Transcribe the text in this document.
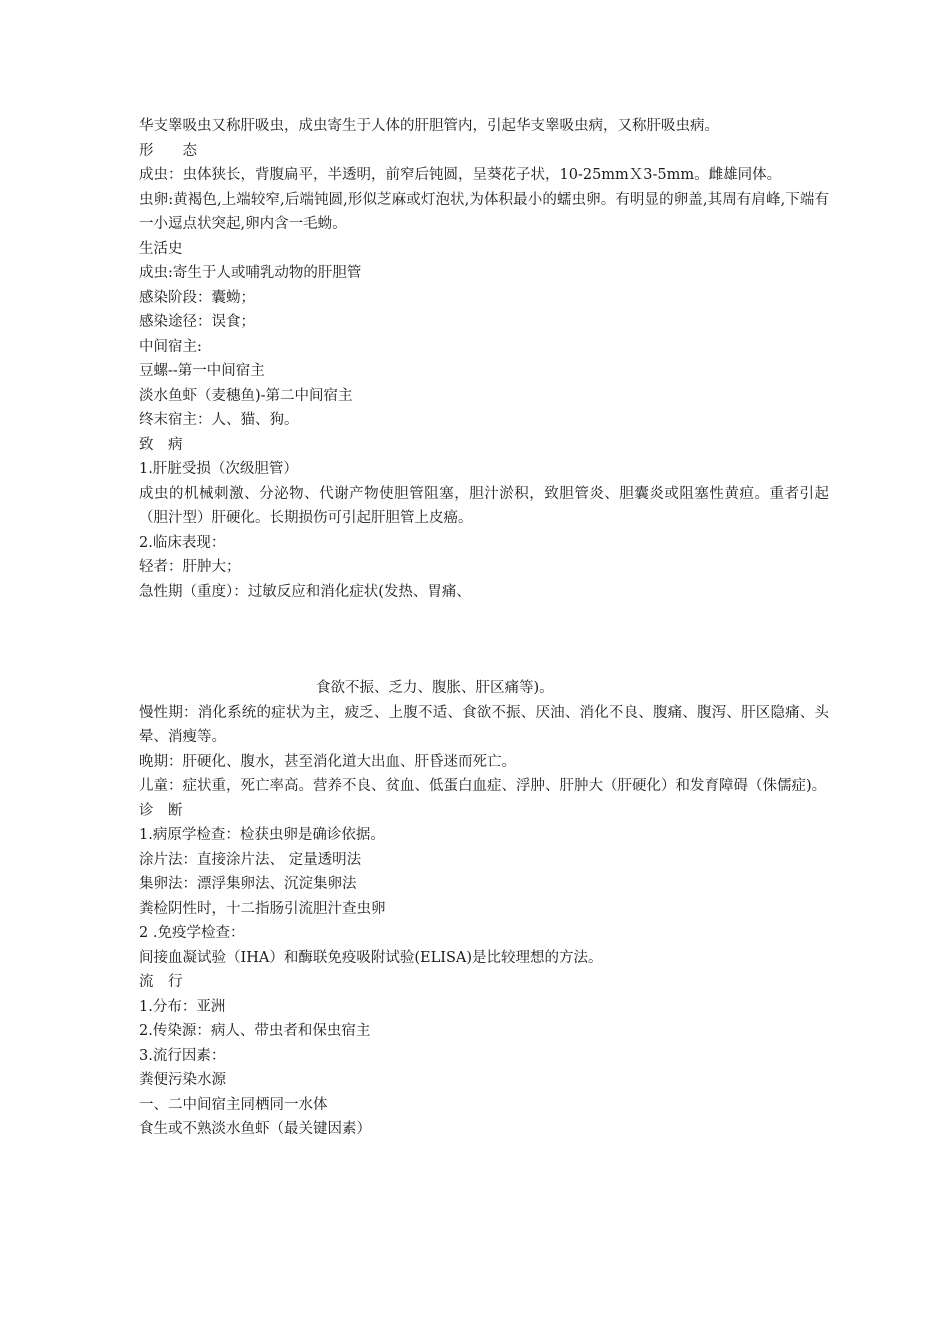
华支睾吸虫又称肝吸虫，成虫寄生于人体的肝胆管内，引起华支睾吸虫病，又称肝吸虫病。

形　　态

成虫：虫体狭长，背腹扁平，半透明，前窄后钝圆，呈葵花子状，10-25mmＸ3-5mm。雌雄同体。

虫卵:黄褐色,上端较窄,后端钝圆,形似芝麻或灯泡状,为体积最小的蠕虫卵。有明显的卵盖,其周有肩峰,下端有一小逗点状突起,卵内含一毛蚴。

生活史

成虫:寄生于人或哺乳动物的肝胆管

感染阶段：囊蚴；

感染途径：误食；

中间宿主:

豆螺--第一中间宿主

淡水鱼虾（麦穗鱼)-第二中间宿主

终末宿主：人、猫、狗。

致　病

1.肝脏受损（次级胆管）

成虫的机械刺激、分泌物、代谢产物使胆管阻塞，胆汁淤积，致胆管炎、胆囊炎或阻塞性黄疸。重者引起（胆汁型）肝硬化。长期损伤可引起肝胆管上皮癌。

2.临床表现：

轻者：肝肿大；

急性期（重度）：过敏反应和消化症状(发热、胃痛、

食欲不振、乏力、腹胀、肝区痛等)。

慢性期：消化系统的症状为主，疲乏、上腹不适、食欲不振、厌油、消化不良、腹痛、腹泻、肝区隐痛、头晕、消瘦等。

晚期：肝硬化、腹水，甚至消化道大出血、肝昏迷而死亡。

儿童：症状重，死亡率高。营养不良、贫血、低蛋白血症、浮肿、肝肿大（肝硬化）和发育障碍（侏儒症)。

诊　断

1.病原学检查：检获虫卵是确诊依据。

涂片法：直接涂片法、 定量透明法

集卵法：漂浮集卵法、沉淀集卵法

粪检阴性时，十二指肠引流胆汁查虫卵

2 .免疫学检查：

间接血凝试验（IHA）和酶联免疫吸附试验(ELISA)是比较理想的方法。

流　行

1.分布：亚洲

2.传染源：病人、带虫者和保虫宿主

3.流行因素：

粪便污染水源

一、二中间宿主同栖同一水体

食生或不熟淡水鱼虾（最关键因素）
